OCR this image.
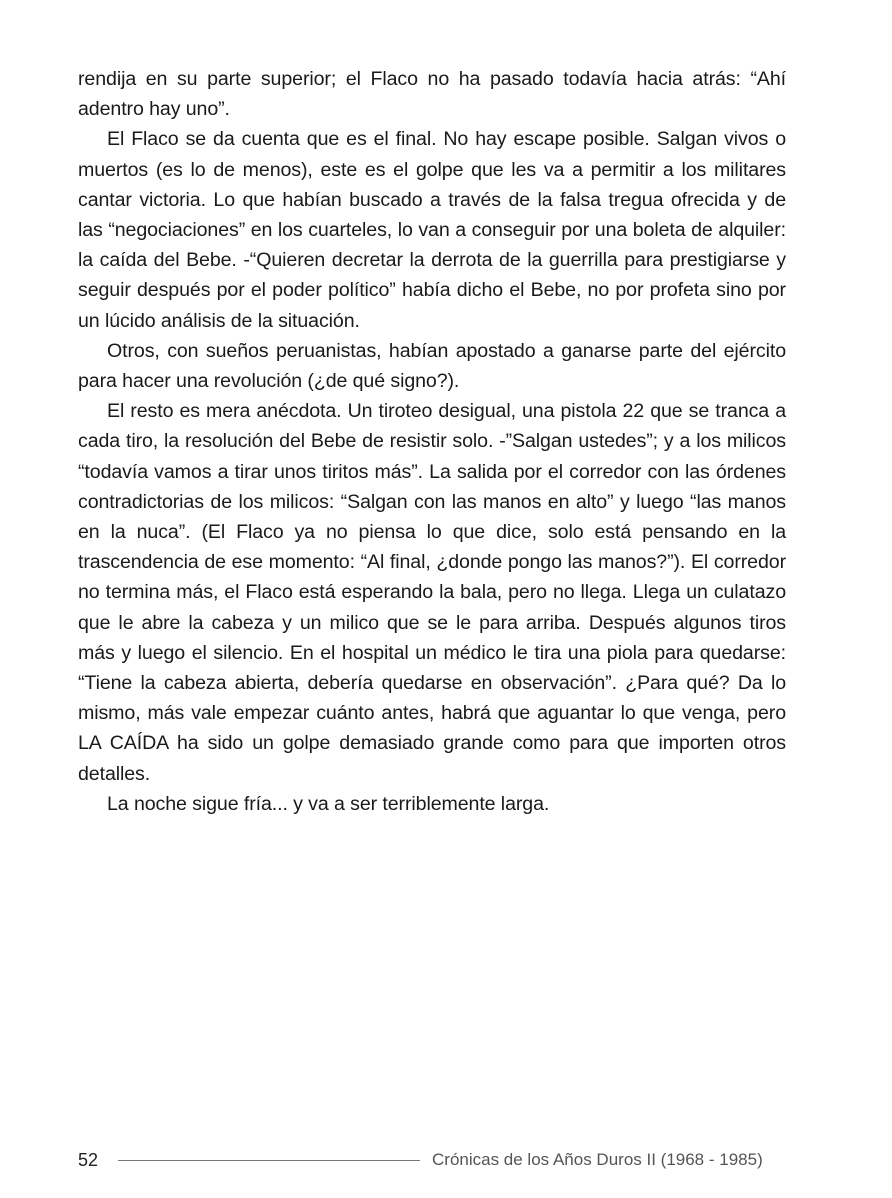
rendija en su parte superior; el Flaco no ha pasado todavía hacia atrás: “Ahí adentro hay uno”.

El Flaco se da cuenta que es el final. No hay escape posible. Salgan vivos o muertos (es lo de menos), este es el golpe que les va a permitir a los militares cantar victoria. Lo que habían buscado a través de la falsa tregua ofrecida y de las “negociaciones” en los cuarteles, lo van a conseguir por una boleta de alquiler: la caída del Bebe. -“Quieren decretar la derrota de la guerrilla para prestigiarse y seguir después por el poder político” había dicho el Bebe, no por profeta sino por un lúcido análisis de la situación.

Otros, con sueños peruanistas, habían apostado a ganarse parte del ejército para hacer una revolución (¿de qué signo?).

El resto es mera anécdota. Un tiroteo desigual, una pistola 22 que se tranca a cada tiro, la resolución del Bebe de resistir solo. -”Salgan ustedes”; y a los milicos “todavía vamos a tirar unos tiritos más”. La salida por el corredor con las órdenes contradictorias de los milicos: “Salgan con las manos en alto” y luego “las manos en la nuca”. (El Flaco ya no piensa lo que dice, solo está pensando en la trascendencia de ese momento: “Al final, ¿donde pongo las manos?”). El corredor no termina más, el Flaco está esperando la bala, pero no llega. Llega un culatazo que le abre la cabeza y un milico que se le para arriba. Después algunos tiros más y luego el silencio. En el hospital un médico le tira una piola para quedarse: “Tiene la cabeza abierta, debería quedarse en observación”. ¿Para qué? Da lo mismo, más vale empezar cuánto antes, habrá que aguantar lo que venga, pero LA CAÍDA ha sido un golpe demasiado grande como para que importen otros detalles.

La noche sigue fría... y va a ser terriblemente larga.

52	Crónicas de los Años Duros II (1968 - 1985)
